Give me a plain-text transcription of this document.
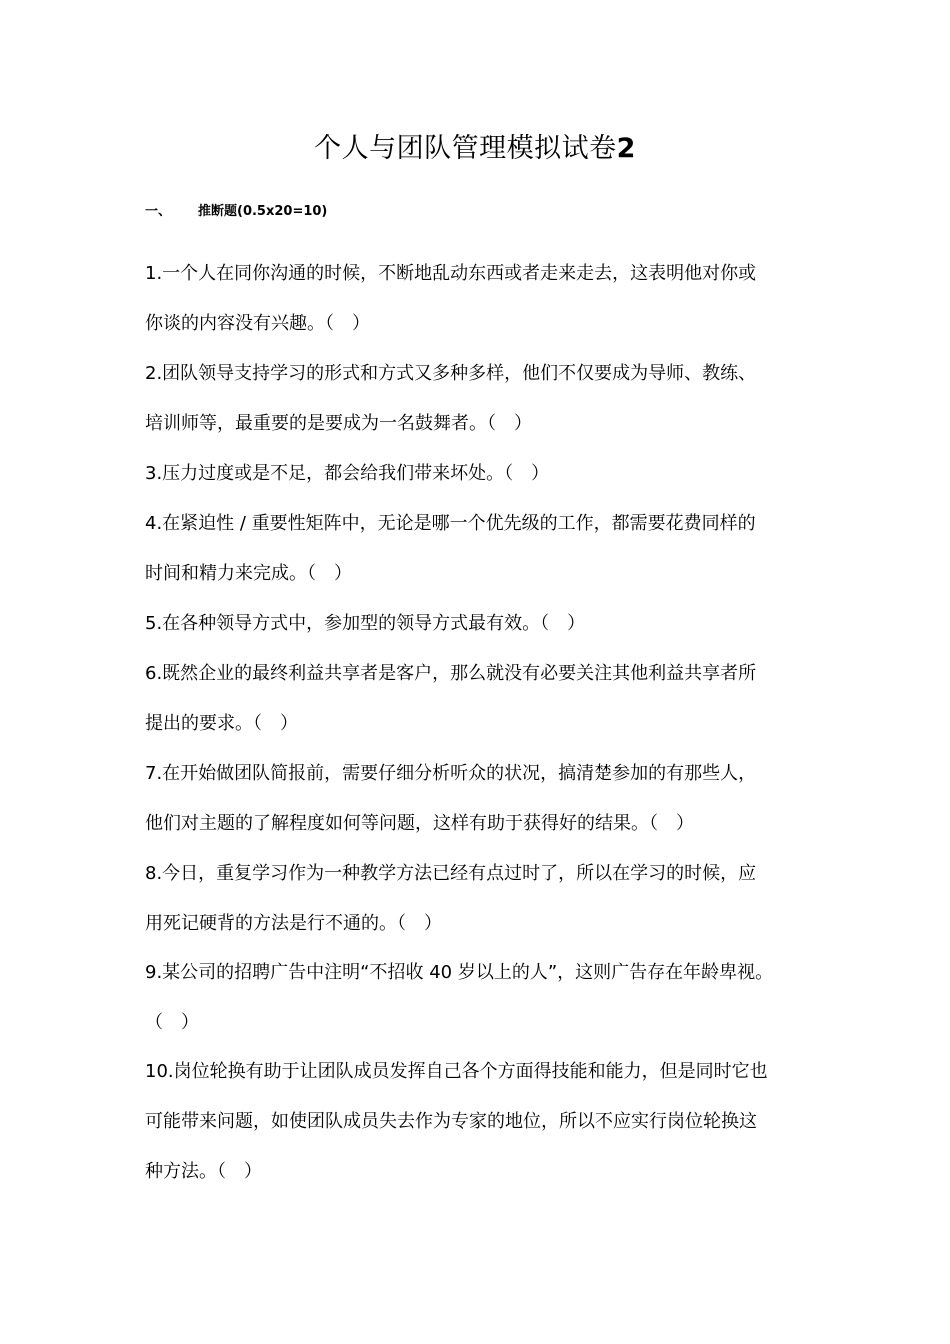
个人与团队管理模拟试卷2
一、 推断题(0.5x20=10)
1.一个人在同你沟通的时候，不断地乱动东西或者走来走去，这表明他对你或
你谈的内容没有兴趣。（　）
2.团队领导支持学习的形式和方式又多种多样，他们不仅要成为导师、教练、
培训师等，最重要的是要成为一名鼓舞者。（　）
3.压力过度或是不足，都会给我们带来坏处。（　）
4.在紧迫性 / 重要性矩阵中，无论是哪一个优先级的工作，都需要花费同样的
时间和精力来完成。（　）
5.在各种领导方式中，参加型的领导方式最有效。（　）
6.既然企业的最终利益共享者是客户，那么就没有必要关注其他利益共享者所
提出的要求。（　）
7.在开始做团队简报前，需要仔细分析听众的状况，搞清楚参加的有那些人，
他们对主题的了解程度如何等问题，这样有助于获得好的结果。（　）
8.今日，重复学习作为一种教学方法已经有点过时了，所以在学习的时候，应
用死记硬背的方法是行不通的。（　）
9.某公司的招聘广告中注明“不招收 40 岁以上的人”，这则广告存在年龄卑视。
（　）
10.岗位轮换有助于让团队成员发挥自己各个方面得技能和能力，但是同时它也
可能带来问题，如使团队成员失去作为专家的地位，所以不应实行岗位轮换这
种方法。（　）
